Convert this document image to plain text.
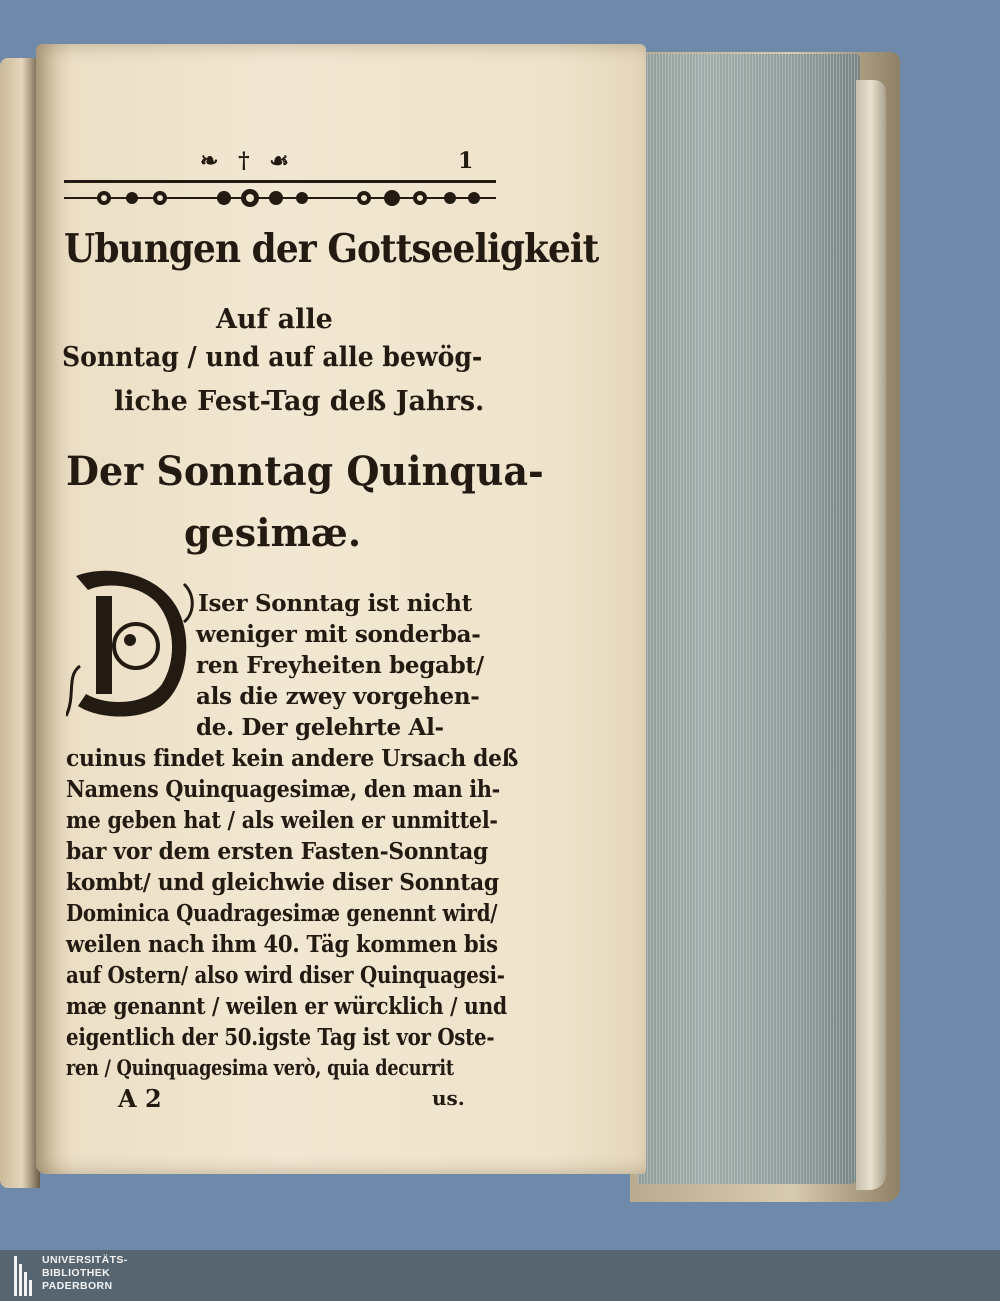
❧ † ☙	1
Ubungen der Gottseeligkeit
Auf alle
Sonntag / und auf alle bewög-
liche Fest-Tag deß Jahrs.
Der Sonntag Quinqua-
gesimæ.
Iser Sonntag ist nicht
weniger mit sonderba-
ren Freyheiten begabt/
als die zwey vorgehen-
de. Der gelehrte Al-
cuinus findet kein andere Ursach deß
Namens Quinquagesimæ, den man ih-
me geben hat / als weilen er unmittel-
bar vor dem ersten Fasten-Sonntag
kombt/ und gleichwie diser Sonntag
Dominica Quadragesimæ genennt wird/
weilen nach ihm 40. Täg kommen bis
auf Ostern/ also wird diser Quinquagesi-
mæ genannt / weilen er würcklich / und
eigentlich der 50.igste Tag ist vor Oste-
ren / Quinquagesima verò, quia decurrit
A 2	us.
UNIVERSITÄTS-
BIBLIOTHEK
PADERBORN
